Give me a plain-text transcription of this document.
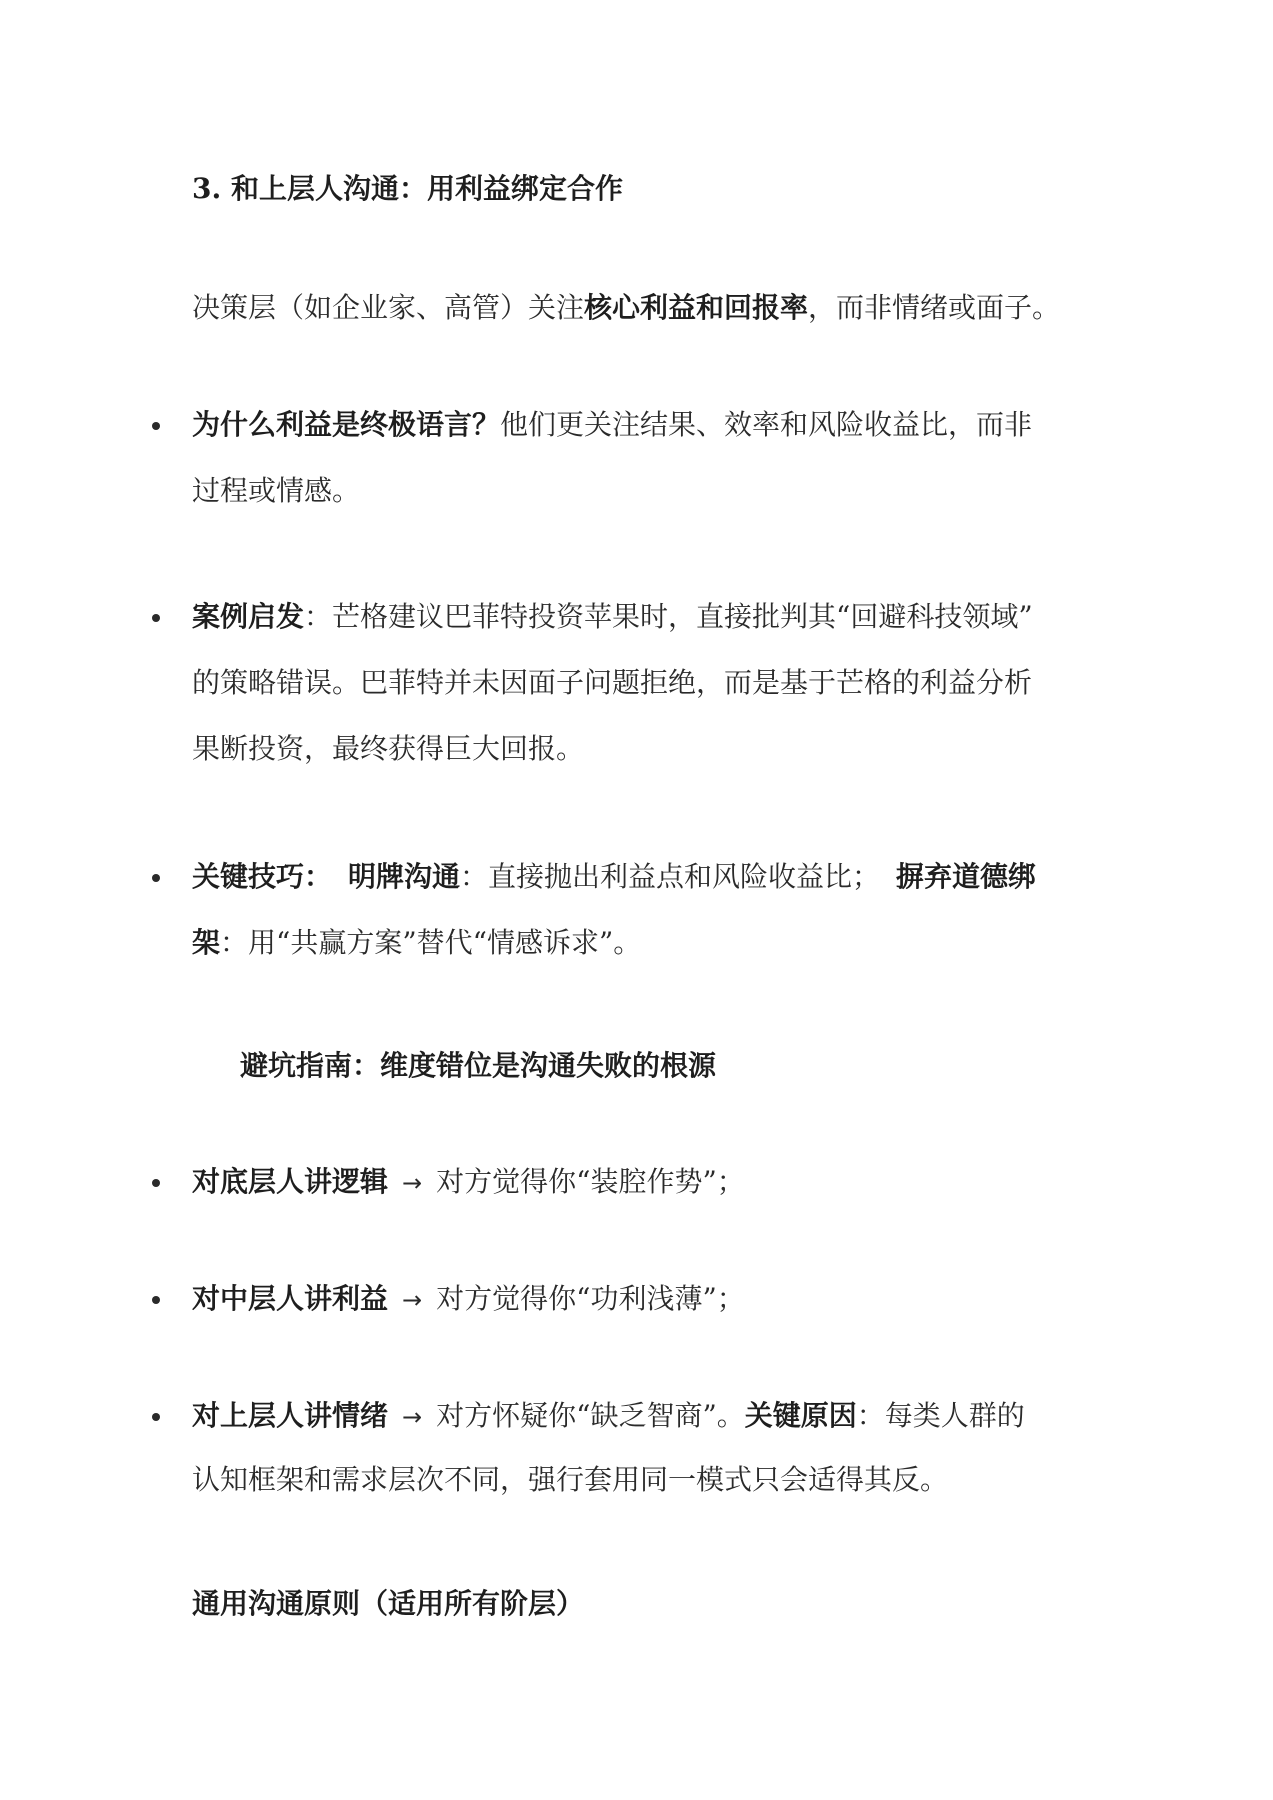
3. 和上层人沟通：用利益绑定合作
决策层（如企业家、高管）关注核心利益和回报率，而非情绪或面子。
为什么利益是终极语言？他们更关注结果、效率和风险收益比，而非
过程或情感。
案例启发：芒格建议巴菲特投资苹果时，直接批判其“回避科技领域”
的策略错误。巴菲特并未因面子问题拒绝，而是基于芒格的利益分析
果断投资，最终获得巨大回报。
关键技巧： 明牌沟通：直接抛出利益点和风险收益比； 摒弃道德绑
架：用“共赢方案”替代“情感诉求”。
避坑指南：维度错位是沟通失败的根源
对底层人讲逻辑 → 对方觉得你“装腔作势”；
对中层人讲利益 → 对方觉得你“功利浅薄”；
对上层人讲情绪 → 对方怀疑你“缺乏智商”。关键原因：每类人群的
认知框架和需求层次不同，强行套用同一模式只会适得其反。
通用沟通原则（适用所有阶层）
